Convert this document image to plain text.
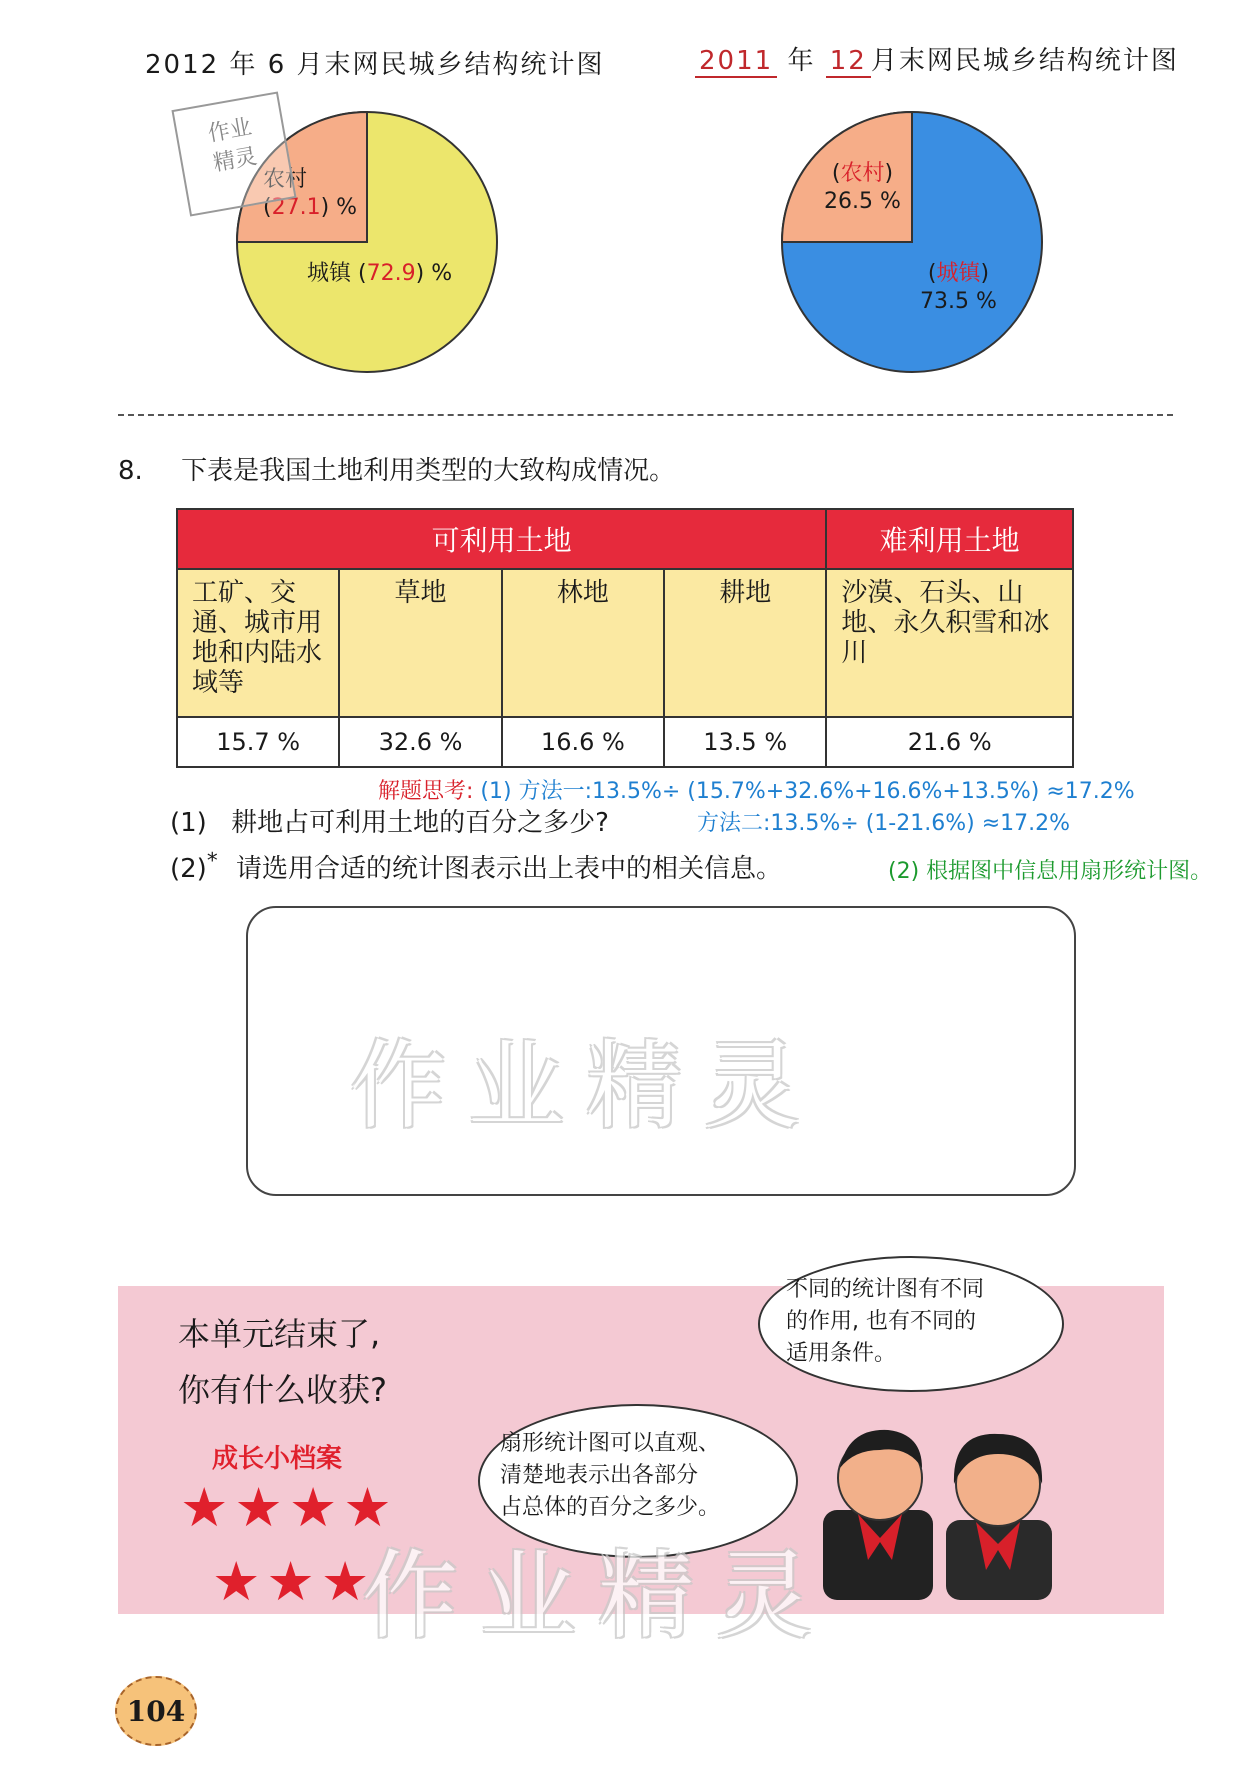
2012 年 6 月末网民城乡结构统计图	2011 年 12 月末网民城乡结构统计图
农村
(27.1) %
城镇 (72.9) %
作业
精灵	(农村)
26.5 %
(城镇)
73.5 %
8. 下表是我国土地利用类型的大致构成情况。
可利用土地				难利用土地
工矿、交通、城市用地和内陆水域等	草地	林地	耕地	沙漠、石头、山地、永久积雪和冰川
15.7 %	32.6 %	16.6 %	13.5 %	21.6 %
解题思考: (1) 方法一:13.5%÷ (15.7%+32.6%+16.6%+13.5%) ≈17.2%
(1) 耕地占可利用土地的百分之多少?	方法二:13.5%÷ (1-21.6%) ≈17.2%
(2)* 请选用合适的统计图表示出上表中的相关信息。	(2) 根据图中信息用扇形统计图。
作业精灵
本单元结束了,
你有什么收获?
成长小档案
★★★★
★★★
不同的统计图有不同
的作用, 也有不同的
适用条件。
扇形统计图可以直观、
清楚地表示出各部分
占总体的百分之多少。
作业精灵
104
